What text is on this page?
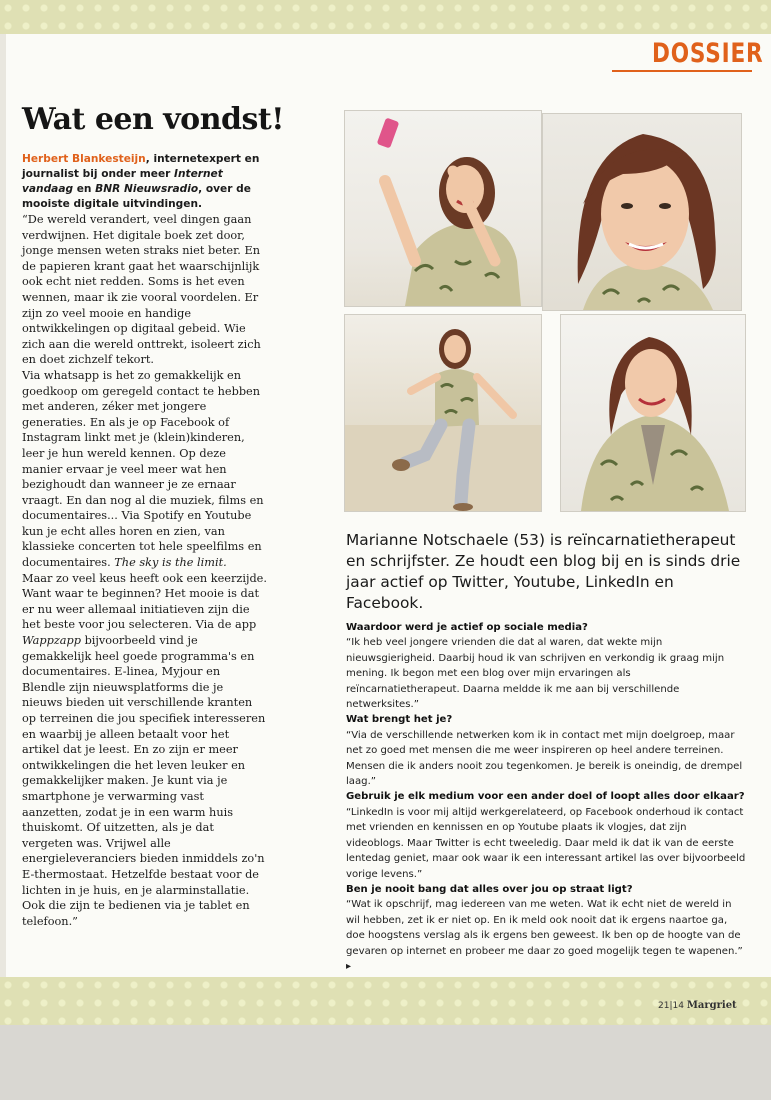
DOSSIER
Wat een vondst!

Herbert Blankesteijn, internetexpert en journalist bij onder meer Internet vandaag en BNR Nieuwsradio, over de mooiste digitale uitvindingen.

“De wereld verandert, veel dingen gaan verdwijnen. Het digitale boek zet door, jonge mensen weten straks niet beter. En de papieren krant gaat het waarschijnlijk ook echt niet redden. Soms is het even wennen, maar ik zie vooral voordelen. Er zijn zo veel mooie en handige ontwikkelingen op digitaal gebeid. Wie zich aan die wereld onttrekt, isoleert zich en doet zichzelf tekort.

Via whatsapp is het zo gemakkelijk en goedkoop om geregeld contact te hebben met anderen, zéker met jongere generaties. En als je op Facebook of Instagram linkt met je (klein)kinderen, leer je hun wereld kennen. Op deze manier ervaar je veel meer wat hen bezighoudt dan wanneer je ze ernaar vraagt. En dan nog al die muziek, films en documentaires... Via Spotify en Youtube kun je echt alles horen en zien, van klassieke concerten tot hele speelfilms en documentaires. The sky is the limit.

Maar zo veel keus heeft ook een keerzijde. Want waar te beginnen? Het mooie is dat er nu weer allemaal initiatieven zijn die het beste voor jou selecteren. Via de app Wappzapp bijvoorbeeld vind je gemakkelijk heel goede programma's en documentaires. E-linea, Myjour en Blendle zijn nieuwsplatforms die je nieuws bieden uit verschillende kranten op terreinen die jou specifiek interesseren en waarbij je alleen betaalt voor het artikel dat je leest. En zo zijn er meer ontwikkelingen die het leven leuker en gemakkelijker maken. Je kunt via je smartphone je verwarming vast aanzetten, zodat je in een warm huis thuiskomt. Of uitzetten, als je dat vergeten was. Vrijwel alle energieleveranciers bieden inmiddels zo'n E-thermostaat. Hetzelfde bestaat voor de lichten in je huis, en je alarminstallatie. Ook die zijn te bedienen via je tablet en telefoon.”

Marianne Notschaele (53) is reïncarnatietherapeut en schrijfster. Ze houdt een blog bij en is sinds drie jaar actief op Twitter, Youtube, LinkedIn en Facebook.

Waardoor werd je actief op sociale media?

“Ik heb veel jongere vrienden die dat al waren, dat wekte mijn nieuwsgierigheid. Daarbij houd ik van schrijven en verkondig ik graag mijn mening. Ik begon met een blog over mijn ervaringen als reïncarnatietherapeut. Daarna meldde ik me aan bij verschillende netwerksites.”

Wat brengt het je?

“Via de verschillende netwerken kom ik in contact met mijn doelgroep, maar net zo goed met mensen die me weer inspireren op heel andere terreinen. Mensen die ik anders nooit zou tegenkomen. Je bereik is oneindig, de drempel laag.”

Gebruik je elk medium voor een ander doel of loopt alles door elkaar?

“LinkedIn is voor mij altijd werkgerelateerd, op Facebook onderhoud ik contact met vrienden en kennissen en op Youtube plaats ik vlogjes, dat zijn videoblogs. Maar Twitter is echt tweeledig. Daar meld ik dat ik van de eerste lentedag geniet, maar ook waar ik een interessant artikel las over bijvoorbeeld vorige levens.”

Ben je nooit bang dat alles over jou op straat ligt?

“Wat ik opschrijf, mag iedereen van me weten. Wat ik echt niet de wereld in wil hebben, zet ik er niet op. En ik meld ook nooit dat ik ergens naartoe ga, doe hoogstens verslag als ik ergens ben geweest. Ik ben op de hoogte van de gevaren op internet en probeer me daar zo goed mogelijk tegen te wapenen.” ▸

21|14 Margriet
